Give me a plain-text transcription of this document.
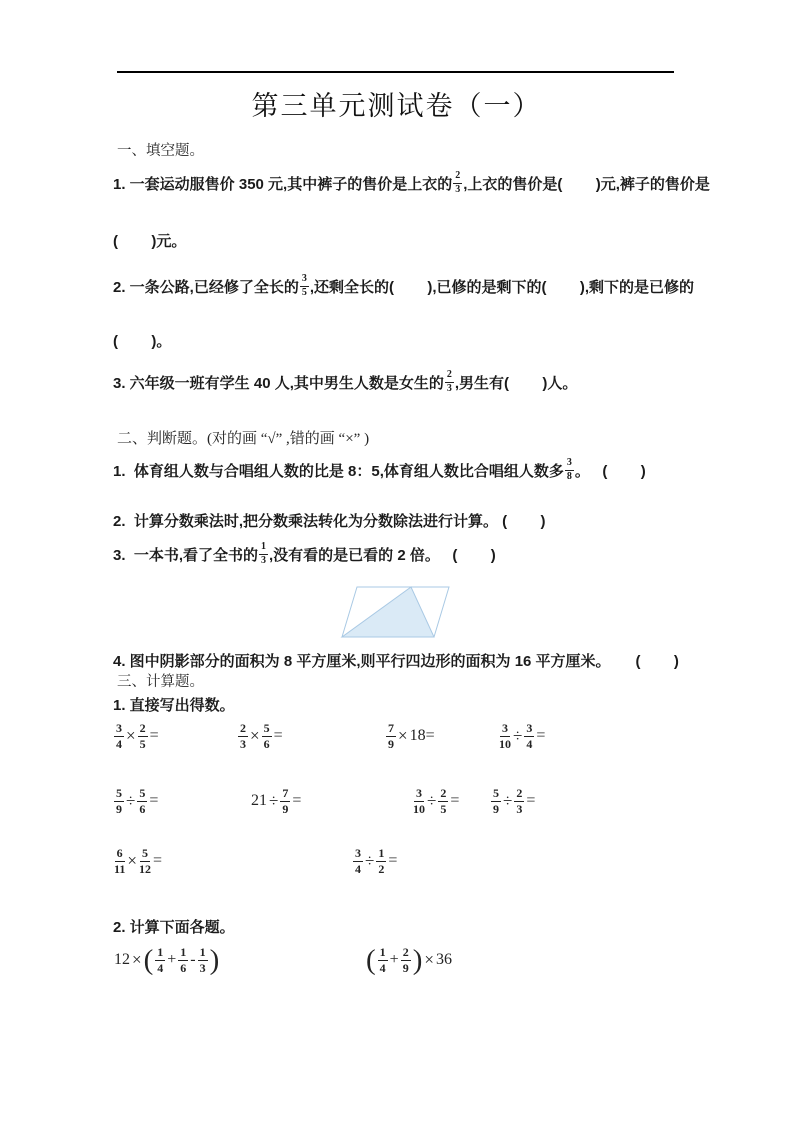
第三单元测试卷（一）
一、填空题。
1. 一套运动服售价 350 元,其中裤子的售价是上衣的 $\frac{2}{3}$ ,上衣的售价是(        )元,裤子的售价是
(        )元。
2. 一条公路,已经修了全长的 $\frac{3}{5}$ ,还剩全长的(        ),已修的是剩下的(        ),剩下的是已修的
(        )。
3. 六年级一班有学生 40 人,其中男生人数是女生的 $\frac{2}{3}$ ,男生有(        )人。
二、判断题。(对的画 “√” ,错的画 “×” )
1.  体育组人数与合唱组人数的比是 8：5,体育组人数比合唱组人数多 $\frac{3}{8}$ 。   (        )
2.  计算分数乘法时,把分数乘法转化为分数除法进行计算。 (        )
3.  一本书,看了全书的 $\frac{1}{3}$ ,没有看的是已看的 2 倍。   (        )
4. 图中阴影部分的面积为 8 平方厘米,则平行四边形的面积为 16 平方厘米。      (        )
三、计算题。
1. 直接写出得数。
$\frac{3}{4} \times \frac{2}{5}$ =	$\frac{2}{3} \times \frac{5}{6}$ =	$\frac{7}{9} \times 18=$	$\frac{3}{10} \div \frac{3}{4}$ =
$\frac{5}{9} \div \frac{5}{6}$ =	$21 \div \frac{7}{9}$ =	$\frac{3}{10} \div \frac{2}{5}$ =	$\frac{5}{9} \div \frac{2}{3}$ =
$\frac{6}{11} \times \frac{5}{12}$ =	$\frac{3}{4} \div \frac{1}{2}$ =
2. 计算下面各题。
12 × ( $\frac{1}{4} + \frac{1}{6} - \frac{1}{3}$ )	( $\frac{1}{4} + \frac{2}{9}$ ) × 36
